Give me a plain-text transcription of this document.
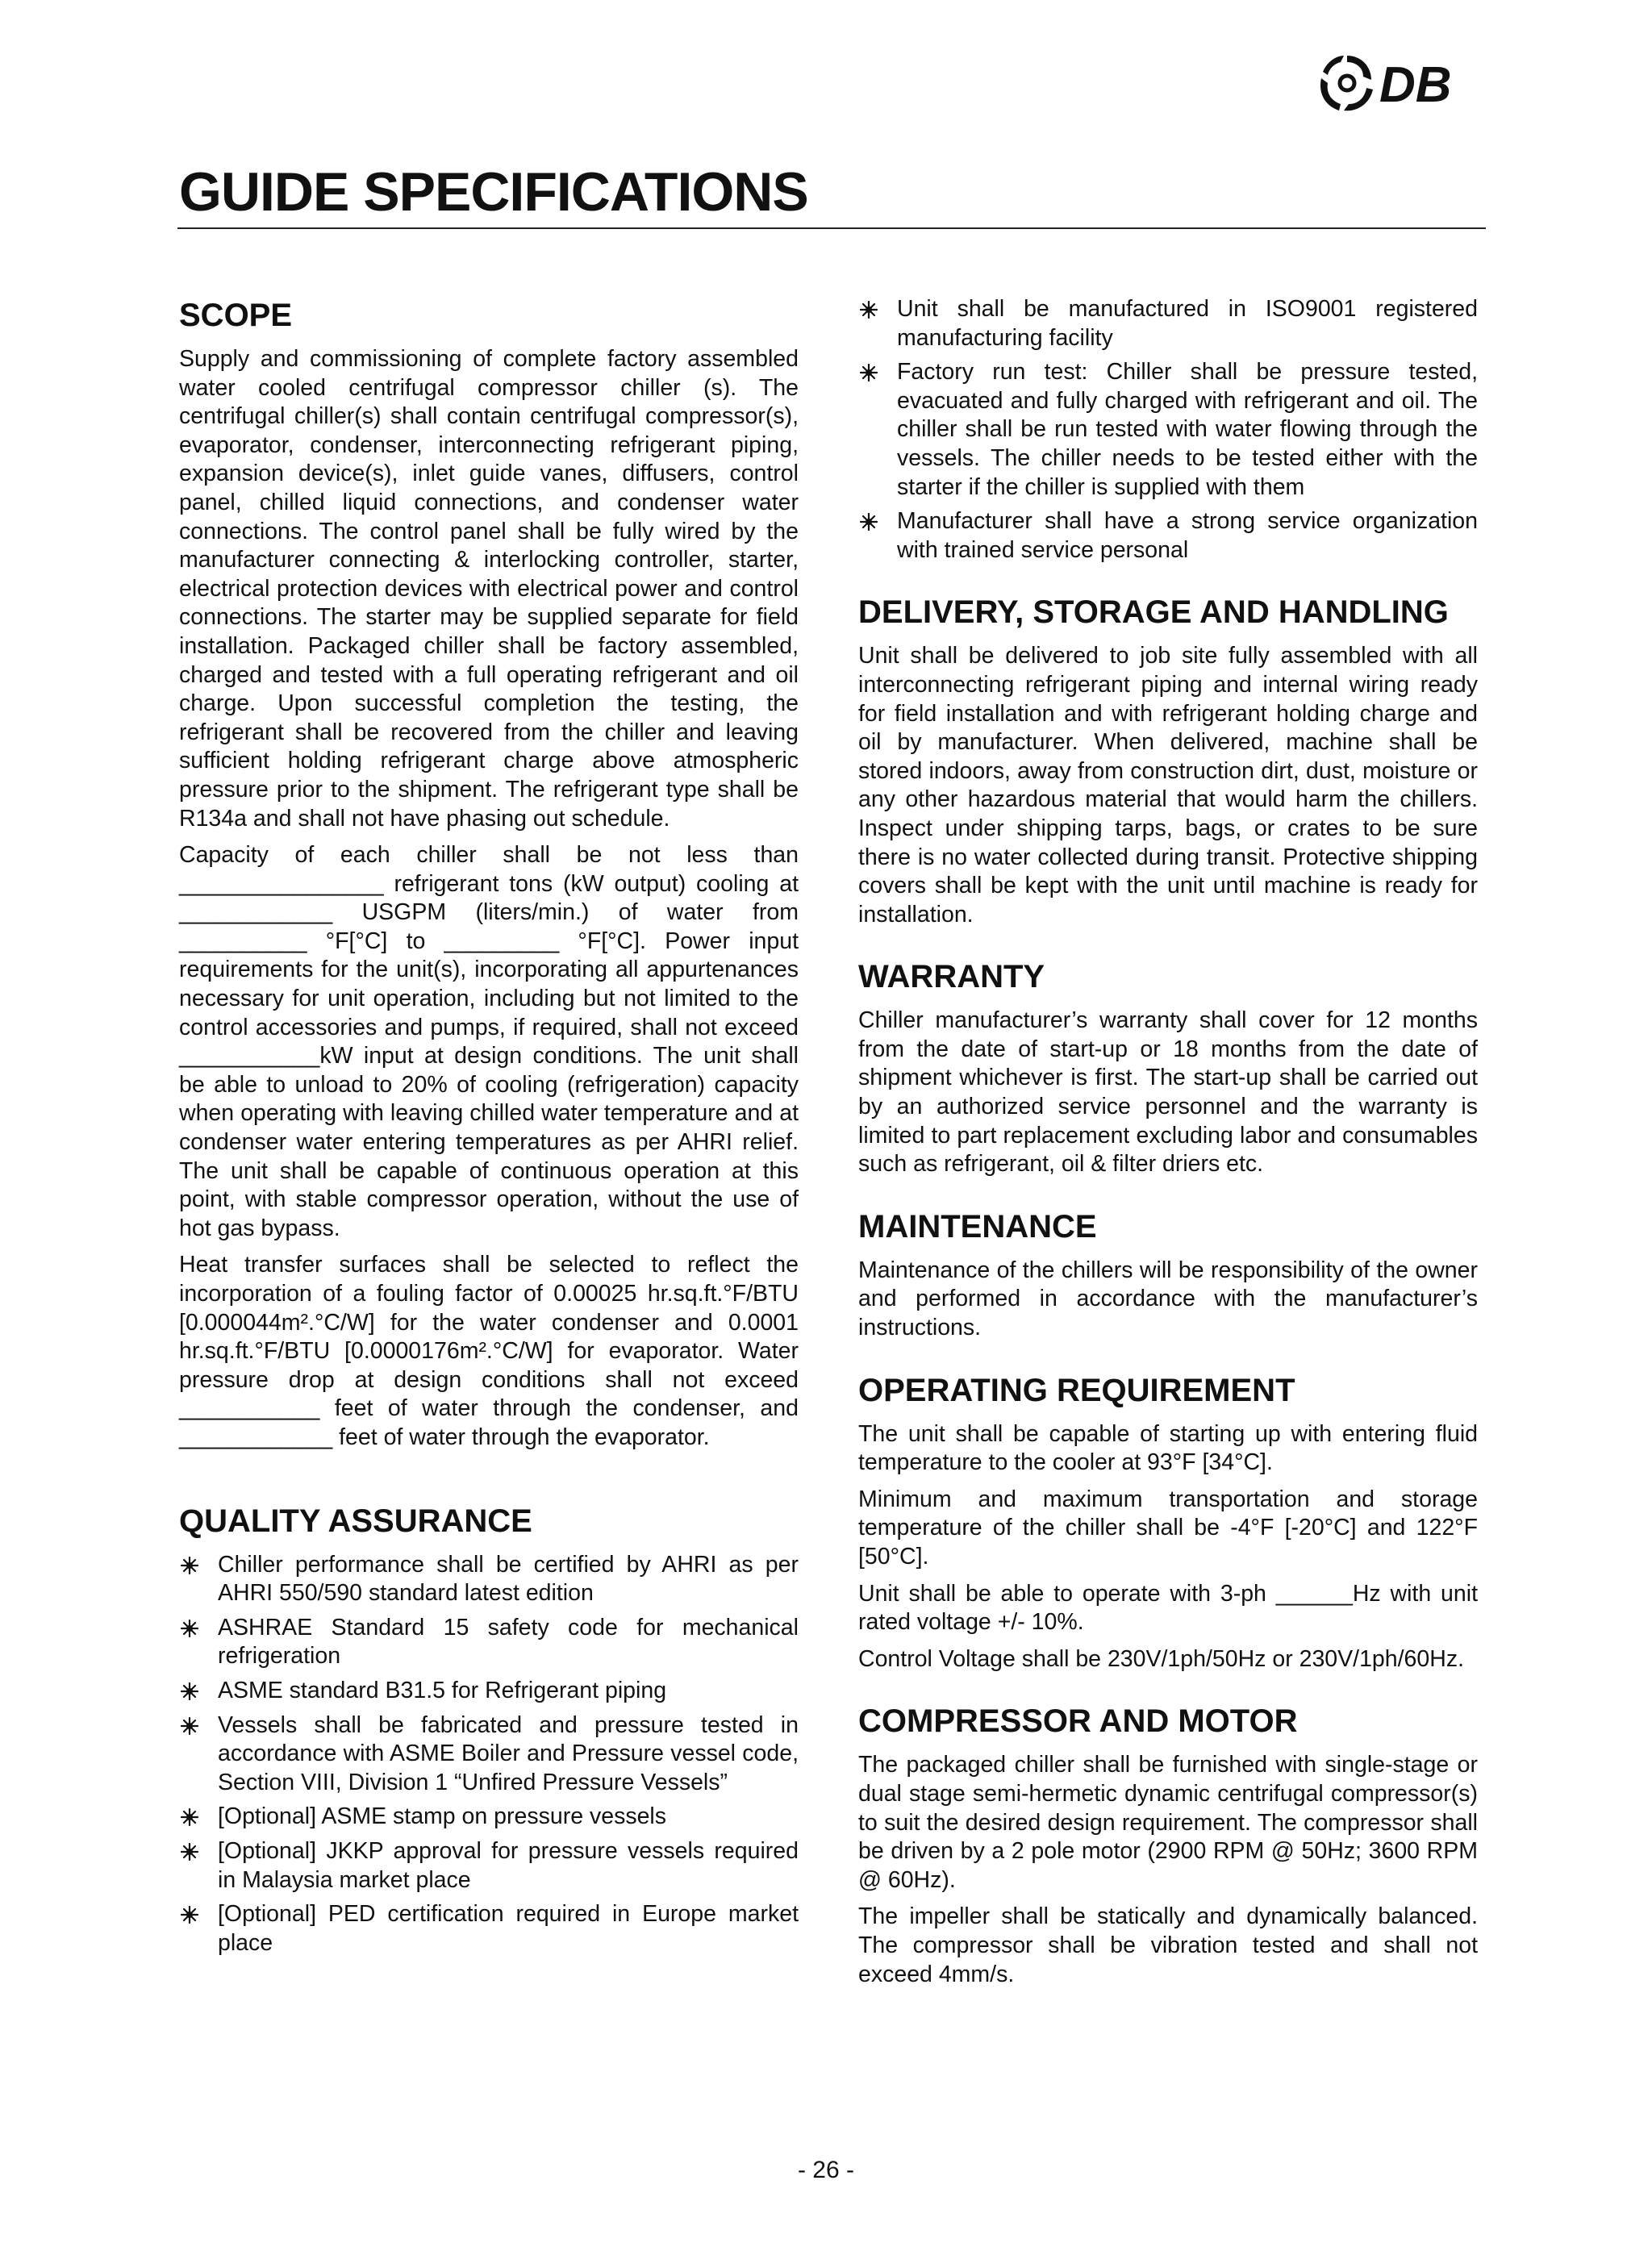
DB
GUIDE SPECIFICATIONS
SCOPE

Supply and commissioning of complete factory assembled water cooled centrifugal compressor chiller (s). The centrifugal chiller(s) shall contain centrifugal compressor(s), evaporator, condenser, interconnecting refrigerant piping, expansion device(s), inlet guide vanes, diffusers, control panel, chilled liquid connections, and condenser water connections. The control panel shall be fully wired by the manufacturer connecting & interlocking controller, starter, electrical protection devices with electrical power and control connections. The starter may be supplied separate for field installation. Packaged chiller shall be factory assembled, charged and tested with a full operating refrigerant and oil charge. Upon successful completion the testing, the refrigerant shall be recovered from the chiller and leaving sufficient holding refrigerant charge above atmospheric pressure prior to the shipment. The refrigerant type shall be R134a and shall not have phasing out schedule.

Capacity of each chiller shall be not less than ________________ refrigerant tons (kW output) cooling at ____________ USGPM (liters/min.) of water from __________ °F[°C] to _________ °F[°C]. Power input requirements for the unit(s), incorporating all appurtenances necessary for unit operation, including but not limited to the control accessories and pumps, if required, shall not exceed ___________kW input at design conditions. The unit shall be able to unload to 20% of cooling (refrigeration) capacity when operating with leaving chilled water temperature and at condenser water entering temperatures as per AHRI relief. The unit shall be capable of continuous operation at this point, with stable compressor operation, without the use of hot gas bypass.

Heat transfer surfaces shall be selected to reflect the incorporation of a fouling factor of 0.00025 hr.sq.ft.°F/BTU [0.000044m².°C/W] for the water condenser and 0.0001 hr.sq.ft.°F/BTU [0.0000176m².°C/W] for evaporator. Water pressure drop at design conditions shall not exceed ___________ feet of water through the condenser, and ____________ feet of water through the evaporator.

QUALITY ASSURANCE
Chiller performance shall be certified by AHRI as per AHRI 550/590 standard latest edition
ASHRAE Standard 15 safety code for mechanical refrigeration
ASME standard B31.5 for Refrigerant piping
Vessels shall be fabricated and pressure tested in accordance with ASME Boiler and Pressure vessel code, Section VIII, Division 1 “Unfired Pressure Vessels”
[Optional] ASME stamp on pressure vessels
[Optional] JKKP approval for pressure vessels required in Malaysia market place
[Optional] PED certification required in Europe market place
Unit shall be manufactured in ISO9001 registered manufacturing facility
Factory run test: Chiller shall be pressure tested, evacuated and fully charged with refrigerant and oil. The chiller shall be run tested with water flowing through the vessels. The chiller needs to be tested either with the starter if the chiller is supplied with them
Manufacturer shall have a strong service organization with trained service personal
DELIVERY, STORAGE AND HANDLING

Unit shall be delivered to job site fully assembled with all interconnecting refrigerant piping and internal wiring ready for field installation and with refrigerant holding charge and oil by manufacturer. When delivered, machine shall be stored indoors, away from construction dirt, dust, moisture or any other hazardous material that would harm the chillers. Inspect under shipping tarps, bags, or crates to be sure there is no water collected during transit. Protective shipping covers shall be kept with the unit until machine is ready for installation.

WARRANTY

Chiller manufacturer’s warranty shall cover for 12 months from the date of start-up or 18 months from the date of shipment whichever is first. The start-up shall be carried out by an authorized service personnel and the warranty is limited to part replacement excluding labor and consumables such as refrigerant, oil & filter driers etc.

MAINTENANCE

Maintenance of the chillers will be responsibility of the owner and performed in accordance with the manufacturer’s instructions.

OPERATING REQUIREMENT

The unit shall be capable of starting up with entering fluid temperature to the cooler at 93°F [34°C].

Minimum and maximum transportation and storage temperature of the chiller shall be -4°F [-20°C] and 122°F [50°C].

Unit shall be able to operate with 3-ph ______Hz with unit rated voltage +/- 10%.

Control Voltage shall be 230V/1ph/50Hz or 230V/1ph/60Hz.

COMPRESSOR AND MOTOR

The packaged chiller shall be furnished with single-stage or dual stage semi-hermetic dynamic centrifugal compressor(s) to suit the desired design requirement. The compressor shall be driven by a 2 pole motor (2900 RPM @ 50Hz; 3600 RPM @ 60Hz).

The impeller shall be statically and dynamically balanced. The compressor shall be vibration tested and shall not exceed 4mm/s.

- 26 -
